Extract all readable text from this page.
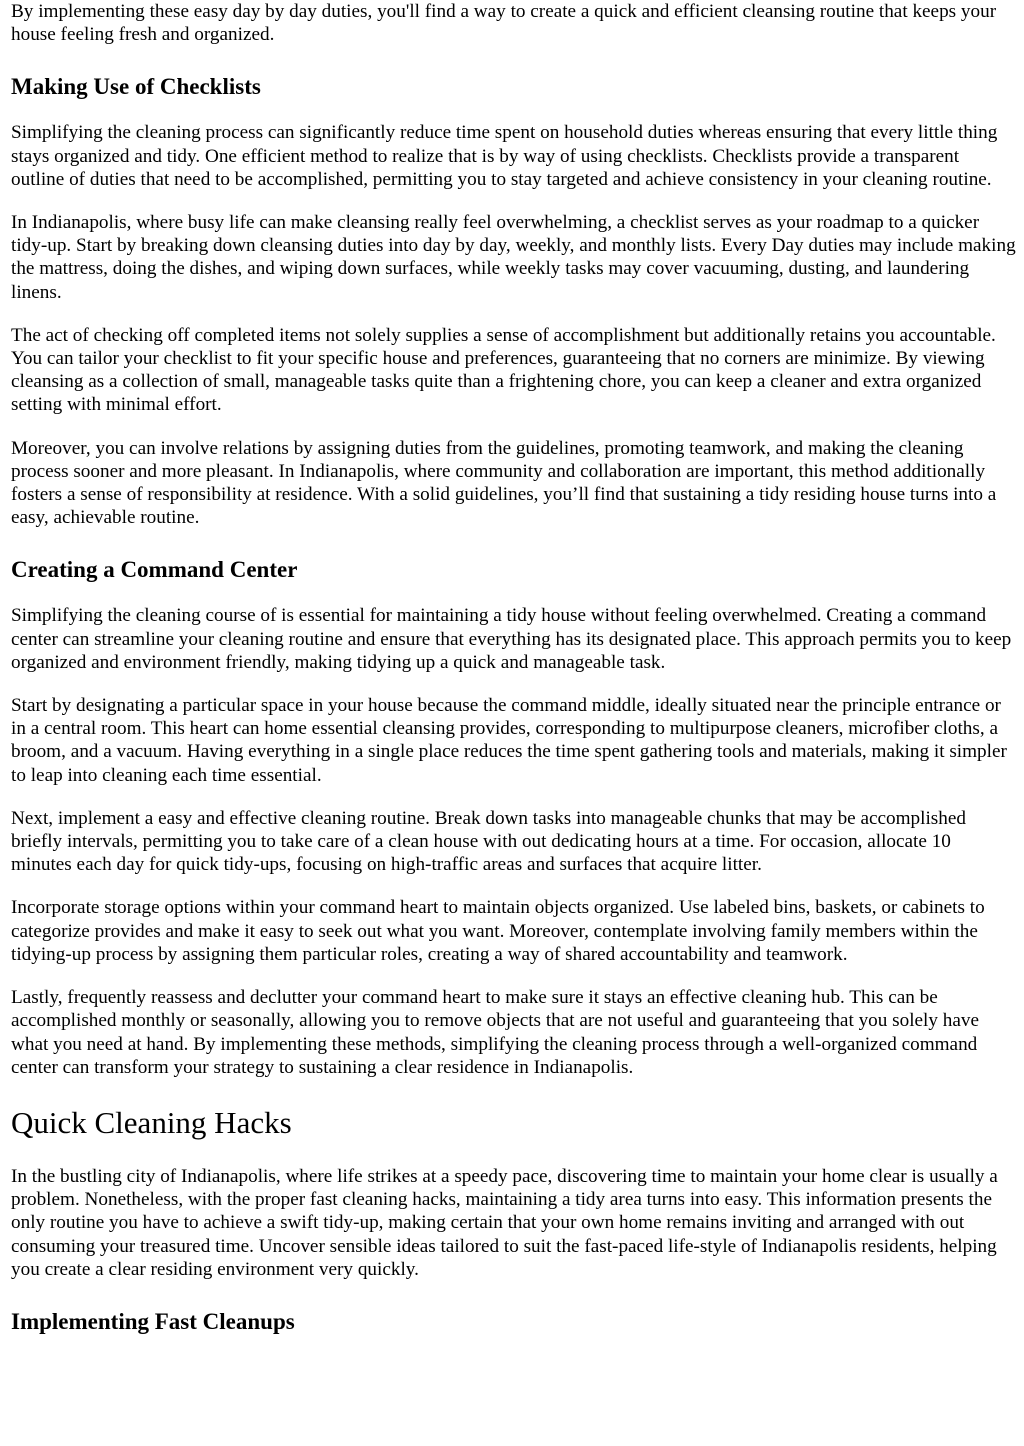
By implementing these easy day by day duties, you'll find a way to create a quick and efficient cleansing routine that keeps your house feeling fresh and organized.

Making Use of Checklists

Simplifying the cleaning process can significantly reduce time spent on household duties whereas ensuring that every little thing stays organized and tidy. One efficient method to realize that is by way of using checklists. Checklists provide a transparent outline of duties that need to be accomplished, permitting you to stay targeted and achieve consistency in your cleaning routine.

In Indianapolis, where busy life can make cleansing really feel overwhelming, a checklist serves as your roadmap to a quicker tidy-up. Start by breaking down cleansing duties into day by day, weekly, and monthly lists. Every Day duties may include making the mattress, doing the dishes, and wiping down surfaces, while weekly tasks may cover vacuuming, dusting, and laundering linens.

The act of checking off completed items not solely supplies a sense of accomplishment but additionally retains you accountable. You can tailor your checklist to fit your specific house and preferences, guaranteeing that no corners are minimize. By viewing cleansing as a collection of small, manageable tasks quite than a frightening chore, you can keep a cleaner and extra organized setting with minimal effort.

Moreover, you can involve relations by assigning duties from the guidelines, promoting teamwork, and making the cleaning process sooner and more pleasant. In Indianapolis, where community and collaboration are important, this method additionally fosters a sense of responsibility at residence. With a solid guidelines, you’ll find that sustaining a tidy residing house turns into a easy, achievable routine.

Creating a Command Center

Simplifying the cleaning course of is essential for maintaining a tidy house without feeling overwhelmed. Creating a command center can streamline your cleaning routine and ensure that everything has its designated place. This approach permits you to keep organized and environment friendly, making tidying up a quick and manageable task.

Start by designating a particular space in your house because the command middle, ideally situated near the principle entrance or in a central room. This heart can home essential cleansing provides, corresponding to multipurpose cleaners, microfiber cloths, a broom, and a vacuum. Having everything in a single place reduces the time spent gathering tools and materials, making it simpler to leap into cleaning each time essential.

Next, implement a easy and effective cleaning routine. Break down tasks into manageable chunks that may be accomplished briefly intervals, permitting you to take care of a clean house with out dedicating hours at a time. For occasion, allocate 10 minutes each day for quick tidy-ups, focusing on high-traffic areas and surfaces that acquire litter.

Incorporate storage options within your command heart to maintain objects organized. Use labeled bins, baskets, or cabinets to categorize provides and make it easy to seek out what you want. Moreover, contemplate involving family members within the tidying-up process by assigning them particular roles, creating a way of shared accountability and teamwork.

Lastly, frequently reassess and declutter your command heart to make sure it stays an effective cleaning hub. This can be accomplished monthly or seasonally, allowing you to remove objects that are not useful and guaranteeing that you solely have what you need at hand. By implementing these methods, simplifying the cleaning process through a well-organized command center can transform your strategy to sustaining a clear residence in Indianapolis.

Quick Cleaning Hacks

In the bustling city of Indianapolis, where life strikes at a speedy pace, discovering time to maintain your home clear is usually a problem. Nonetheless, with the proper fast cleaning hacks, maintaining a tidy area turns into easy. This information presents the only routine you have to achieve a swift tidy-up, making certain that your own home remains inviting and arranged with out consuming your treasured time. Uncover sensible ideas tailored to suit the fast-paced life-style of Indianapolis residents, helping you create a clear residing environment very quickly.

Implementing Fast Cleanups
